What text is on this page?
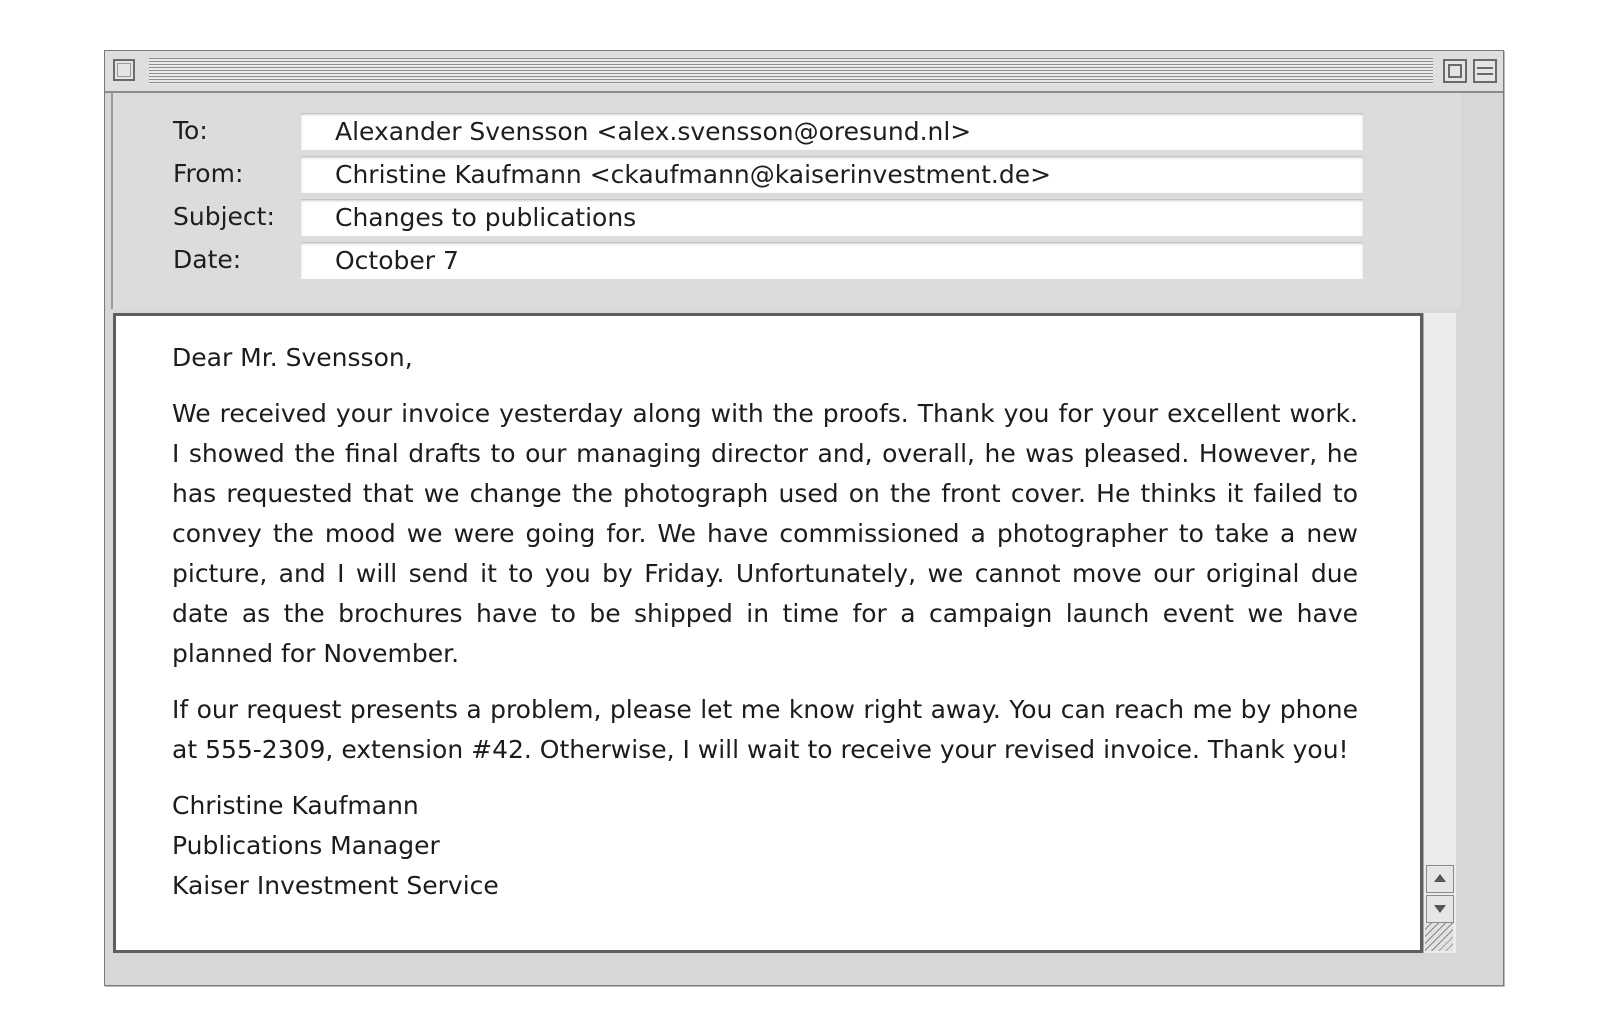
To:	Alexander Svensson <alex.svensson@oresund.nl>
From:	Christine Kaufmann <ckaufmann@kaiserinvestment.de>
Subject: Changes to publications
Date:	October 7

Dear Mr. Svensson,

We received your invoice yesterday along with the proofs. Thank you for your excellent work. I showed the final drafts to our managing director and, overall, he was pleased. However, he has requested that we change the photograph used on the front cover. He thinks it failed to convey the mood we were going for. We have commissioned a photographer to take a new picture, and I will send it to you by Friday. Unfortunately, we cannot move our original due date as the brochures have to be shipped in time for a campaign launch event we have planned for November.

If our request presents a problem, please let me know right away. You can reach me by phone at 555-2309, extension #42. Otherwise, I will wait to receive your revised invoice. Thank you!

Christine Kaufmann
Publications Manager
Kaiser Investment Service
